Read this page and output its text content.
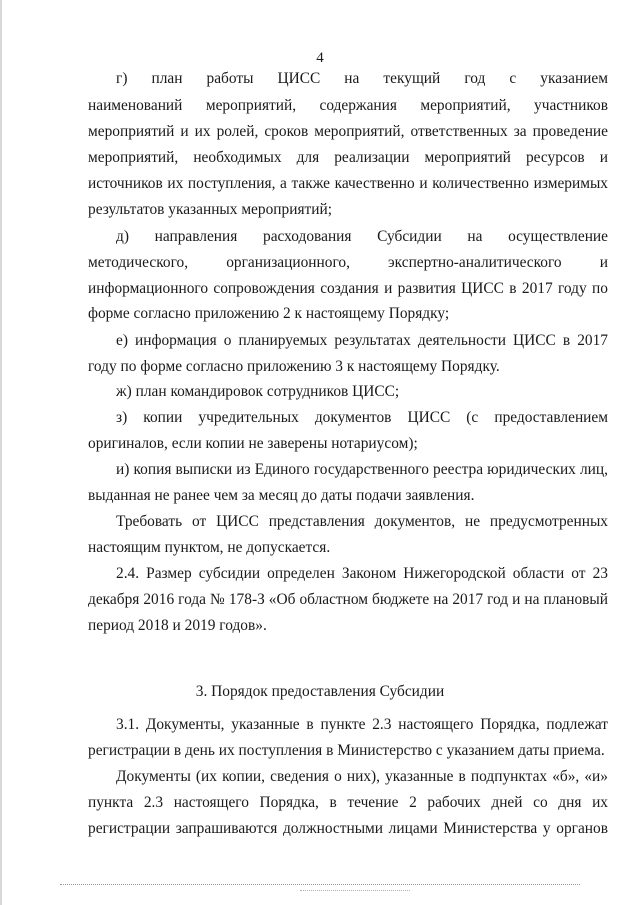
4
г) план работы ЦИСС на текущий год с указанием
наименований мероприятий, содержания мероприятий, участников
мероприятий и их ролей, сроков мероприятий, ответственных за проведение
мероприятий, необходимых для реализации мероприятий ресурсов и
источников их поступления, а также качественно и количественно измеримых
результатов указанных мероприятий;
д) направления расходования Субсидии на осуществление
методического, организационного, экспертно-аналитического и
информационного сопровождения создания и развития ЦИСС в 2017 году по
форме согласно приложению 2 к настоящему Порядку;
е) информация о планируемых результатах деятельности ЦИСС в 2017
году по форме согласно приложению 3 к настоящему Порядку.
ж) план командировок сотрудников ЦИСС;
з) копии учредительных документов ЦИСС (с предоставлением
оригиналов, если копии не заверены нотариусом);
и) копия выписки из Единого государственного реестра юридических лиц,
выданная не ранее чем за месяц до даты подачи заявления.
Требовать от ЦИСС представления документов, не предусмотренных
настоящим пунктом, не допускается.
2.4. Размер субсидии определен Законом Нижегородской области от 23
декабря 2016 года № 178-З «Об областном бюджете на 2017 год и на плановый
период 2018 и 2019 годов».
3. Порядок предоставления Субсидии
3.1. Документы, указанные в пункте 2.3 настоящего Порядка, подлежат
регистрации в день их поступления в Министерство с указанием даты приема.
Документы (их копии, сведения о них), указанные в подпунктах «б», «и»
пункта 2.3 настоящего Порядка, в течение 2 рабочих дней со дня их
регистрации запрашиваются должностными лицами Министерства у органов
